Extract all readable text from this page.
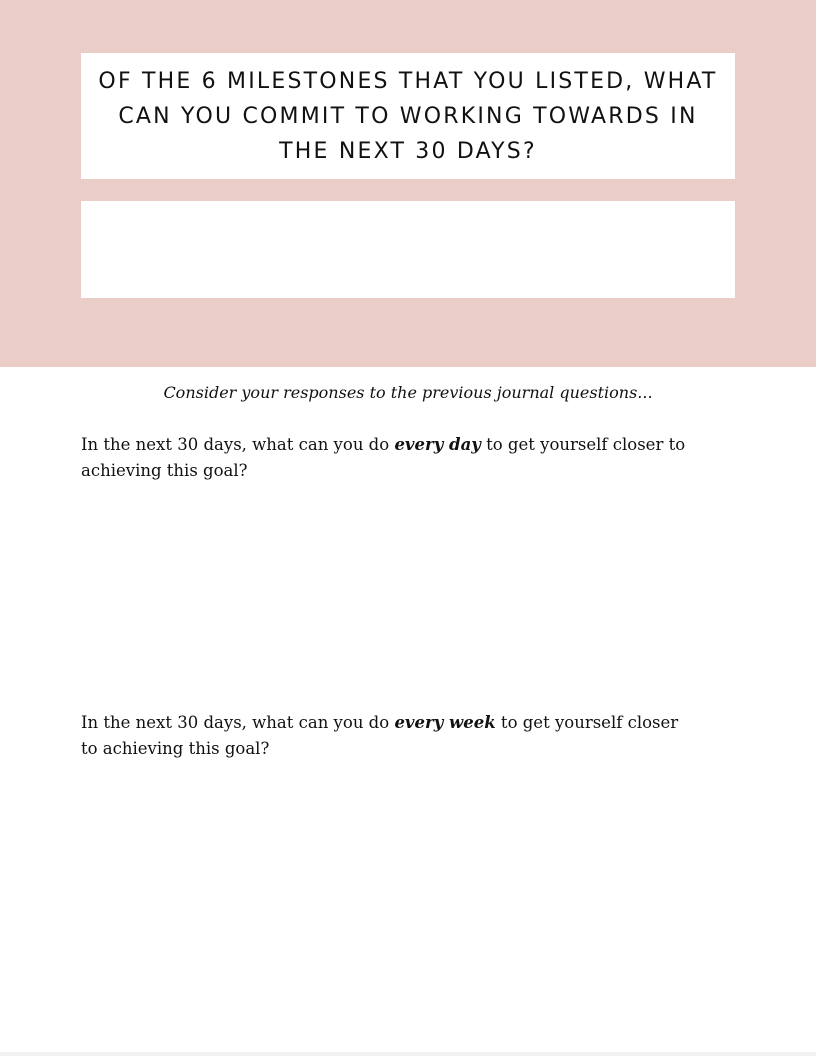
OF THE 6 MILESTONES THAT YOU LISTED, WHAT CAN YOU COMMIT TO WORKING TOWARDS IN THE NEXT 30 DAYS?

Consider your responses to the previous journal questions...

In the next 30 days, what can you do every day to get yourself closer to achieving this goal?

In the next 30 days, what can you do every week to get yourself closer to achieving this goal?
